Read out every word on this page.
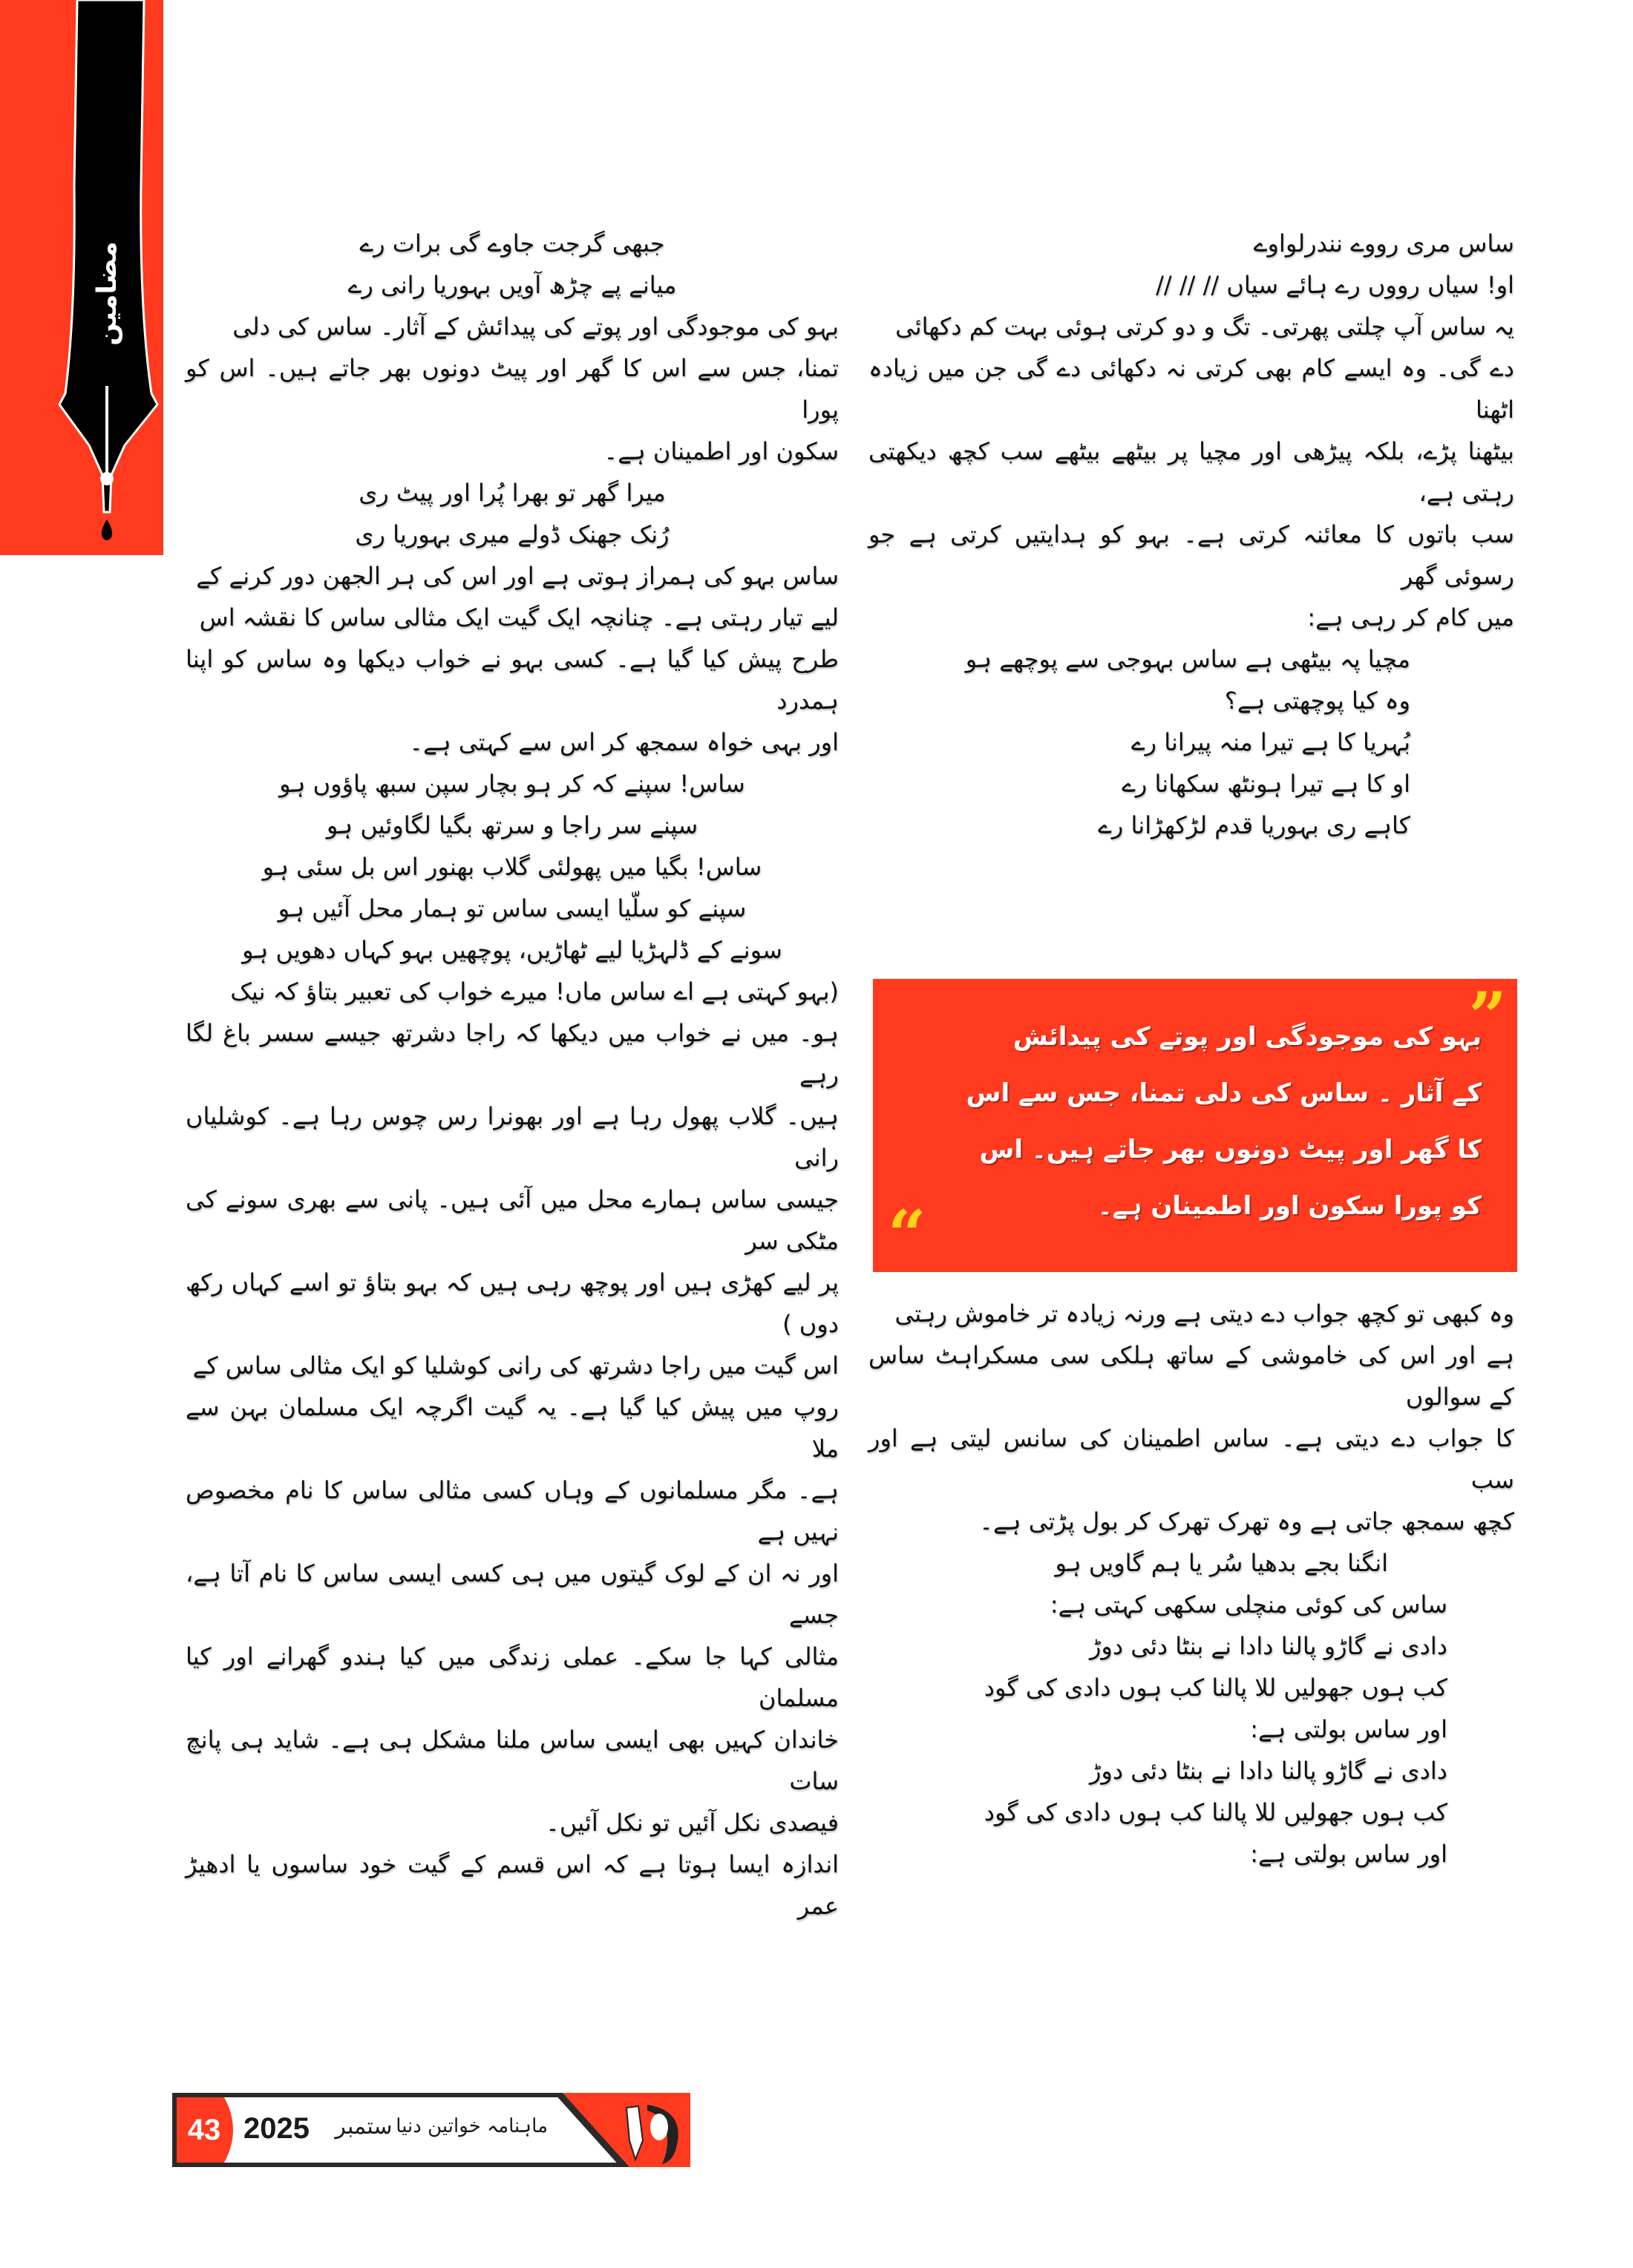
مضامین	ساس مری رووے نندرلواوے
او! سیاں رووں رے ہائے سیاں // // //
یہ ساس آپ چلتی پھرتی۔ تگ و دو کرتی ہوئی بہت کم دکھائی
دے گی۔ وہ ایسے کام بھی کرتی نہ دکھائی دے گی جن میں زیادہ اٹھنا
بیٹھنا پڑے، بلکہ پیڑھی اور مچیا پر بیٹھے بیٹھے سب کچھ دیکھتی رہتی ہے،
سب باتوں کا معائنہ کرتی ہے۔ بہو کو ہدایتیں کرتی ہے جو رسوئی گھر
میں کام کر رہی ہے:
مچیا پہ بیٹھی ہے ساس بہوجی سے پوچھے ہو
وہ کیا پوچھتی ہے؟
بُہریا کا ہے تیرا منہ پیرانا رے
او کا ہے تیرا ہونٹھ سکھانا رے
کاہے ری بہوریا قدم لڑکھڑانا رے
”
بہو کی موجودگی اور پوتے کی پیدائش
کے آثار ۔ ساس کی دلی تمنا، جس سے اس
کا گھر اور پیٹ دونوں بھر جاتے ہیں۔ اس
کو پورا سکون اور اطمینان ہے۔
“
وہ کبھی تو کچھ جواب دے دیتی ہے ورنہ زیادہ تر خاموش رہتی
ہے اور اس کی خاموشی کے ساتھ ہلکی سی مسکراہٹ ساس کے سوالوں
کا جواب دے دیتی ہے۔ ساس اطمینان کی سانس لیتی ہے اور سب
کچھ سمجھ جاتی ہے وہ تھرک تھرک کر بول پڑتی ہے۔
انگنا بجے بدھیا سُر یا ہم گاویں ہو
ساس کی کوئی منچلی سکھی کہتی ہے:
دادی نے گاڑو پالنا دادا نے بنٹا دئی دوڑ
کب ہوں جھولیں للا پالنا کب ہوں دادی کی گود
اور ساس بولتی ہے:
دادی نے گاڑو پالنا دادا نے بنٹا دئی دوڑ
کب ہوں جھولیں للا پالنا کب ہوں دادی کی گود
اور ساس بولتی ہے:
جبھی گرجت جاوے گی برات رے
میانے پے چڑھ آویں بہوریا رانی رے
بہو کی موجودگی اور پوتے کی پیدائش کے آثار۔ ساس کی دلی
تمنا، جس سے اس کا گھر اور پیٹ دونوں بھر جاتے ہیں۔ اس کو پورا
سکون اور اطمینان ہے۔
میرا گھر تو بھرا پُرا اور پیٹ ری
رُنک جھنک ڈولے میری بہوریا ری
ساس بہو کی ہمراز ہوتی ہے اور اس کی ہر الجھن دور کرنے کے
لیے تیار رہتی ہے۔ چنانچہ ایک گیت ایک مثالی ساس کا نقشہ اس
طرح پیش کیا گیا ہے۔ کسی بہو نے خواب دیکھا وہ ساس کو اپنا ہمدرد
اور بہی خواہ سمجھ کر اس سے کہتی ہے۔
ساس! سپنے کہ کر ہو بچار سپن سبھ پاؤوں ہو
سپنے سر راجا و سرتھ بگیا لگاوئیں ہو
ساس! بگیا میں پھولئی گلاب بھنور اس بل سئی ہو
سپنے کو سلّیا ایسی ساس تو ہمار محل آئیں ہو
سونے کے ڈلہڑیا لیے ٹھاڑیں، پوچھیں بہو کہاں دھویں ہو
(بہو کہتی ہے اے ساس ماں! میرے خواب کی تعبیر بتاؤ کہ نیک
ہو۔ میں نے خواب میں دیکھا کہ راجا دشرتھ جیسے سسر باغ لگا رہے
ہیں۔ گلاب پھول رہا ہے اور بھونرا رس چوس رہا ہے۔ کوشلیاں رانی
جیسی ساس ہمارے محل میں آئی ہیں۔ پانی سے بھری سونے کی مٹکی سر
پر لیے کھڑی ہیں اور پوچھ رہی ہیں کہ بہو بتاؤ تو اسے کہاں رکھ دوں )
اس گیت میں راجا دشرتھ کی رانی کوشلیا کو ایک مثالی ساس کے
روپ میں پیش کیا گیا ہے۔ یہ گیت اگرچہ ایک مسلمان بہن سے ملا
ہے۔ مگر مسلمانوں کے وہاں کسی مثالی ساس کا نام مخصوص نہیں ہے
اور نہ ان کے لوک گیتوں میں ہی کسی ایسی ساس کا نام آتا ہے، جسے
مثالی کہا جا سکے۔ عملی زندگی میں کیا ہندو گھرانے اور کیا مسلمان
خاندان کہیں بھی ایسی ساس ملنا مشکل ہی ہے۔ شاید ہی پانچ سات
فیصدی نکل آئیں تو نکل آئیں۔
اندازہ ایسا ہوتا ہے کہ اس قسم کے گیت خود ساسوں یا ادھیڑ عمر
43 2025 ستمبر ماہنامہ خواتین دنیا
